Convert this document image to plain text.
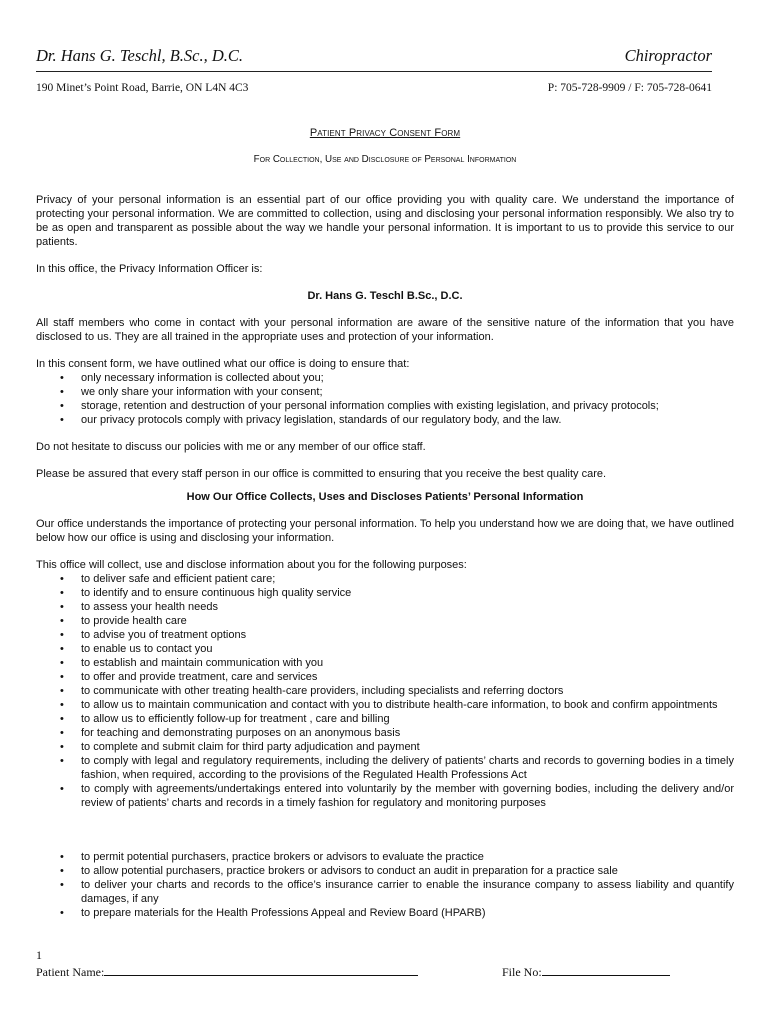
Dr. Hans G. Teschl, B.Sc., D.C.	Chiropractor
190 Minet’s Point Road, Barrie, ON L4N 4C3	P: 705-728-9909 / F: 705-728-0641
Patient Privacy Consent Form
For Collection, Use and Disclosure of Personal Information

Privacy of your personal information is an essential part of our office providing you with quality care. We understand the importance of protecting your personal information. We are committed to collection, using and disclosing your personal information responsibly. We also try to be as open and transparent as possible about the way we handle your personal information. It is important to us to provide this service to our patients.

In this office, the Privacy Information Officer is:

Dr. Hans G. Teschl B.Sc., D.C.

All staff members who come in contact with your personal information are aware of the sensitive nature of the information that you have disclosed to us. They are all trained in the appropriate uses and protection of your information.

In this consent form, we have outlined what our office is doing to ensure that:

• only necessary information is collected about you;
• we only share your information with your consent;
• storage, retention and destruction of your personal information complies with existing legislation, and privacy protocols;
• our privacy protocols comply with privacy legislation, standards of our regulatory body, and the law.

Do not hesitate to discuss our policies with me or any member of our office staff.

Please be assured that every staff person in our office is committed to ensuring that you receive the best quality care.

How Our Office Collects, Uses and Discloses Patients’ Personal Information

Our office understands the importance of protecting your personal information. To help you understand how we are doing that, we have outlined below how our office is using and disclosing your information.

This office will collect, use and disclose information about you for the following purposes:

• to deliver safe and efficient patient care;
• to identify and to ensure continuous high quality service
• to assess your health needs
• to provide health care
• to advise you of treatment options
• to enable us to contact you
• to establish and maintain communication with you
• to offer and provide treatment, care and services
• to communicate with other treating health-care providers, including specialists and referring doctors
• to allow us to maintain communication and contact with you to distribute health-care information, to book and confirm appointments
• to allow us to efficiently follow-up for treatment , care and billing
• for teaching and demonstrating purposes on an anonymous basis
• to complete and submit claim for third party adjudication and payment
• to comply with legal and regulatory requirements, including the delivery of patients’ charts and records to governing bodies in a timely fashion, when required, according to the provisions of the Regulated Health Professions Act
• to comply with agreements/undertakings entered into voluntarily by the member with governing bodies, including the delivery and/or review of patients’ charts and records in a timely fashion for regulatory and monitoring purposes
• to permit potential purchasers, practice brokers or advisors to evaluate the practice
• to allow potential purchasers, practice brokers or advisors to conduct an audit in preparation for a practice sale
• to deliver your charts and records to the office’s insurance carrier to enable the insurance company to assess liability and quantify damages, if any
• to prepare materials for the Health Professions Appeal and Review Board (HPARB)
1
Patient Name:	File No:
